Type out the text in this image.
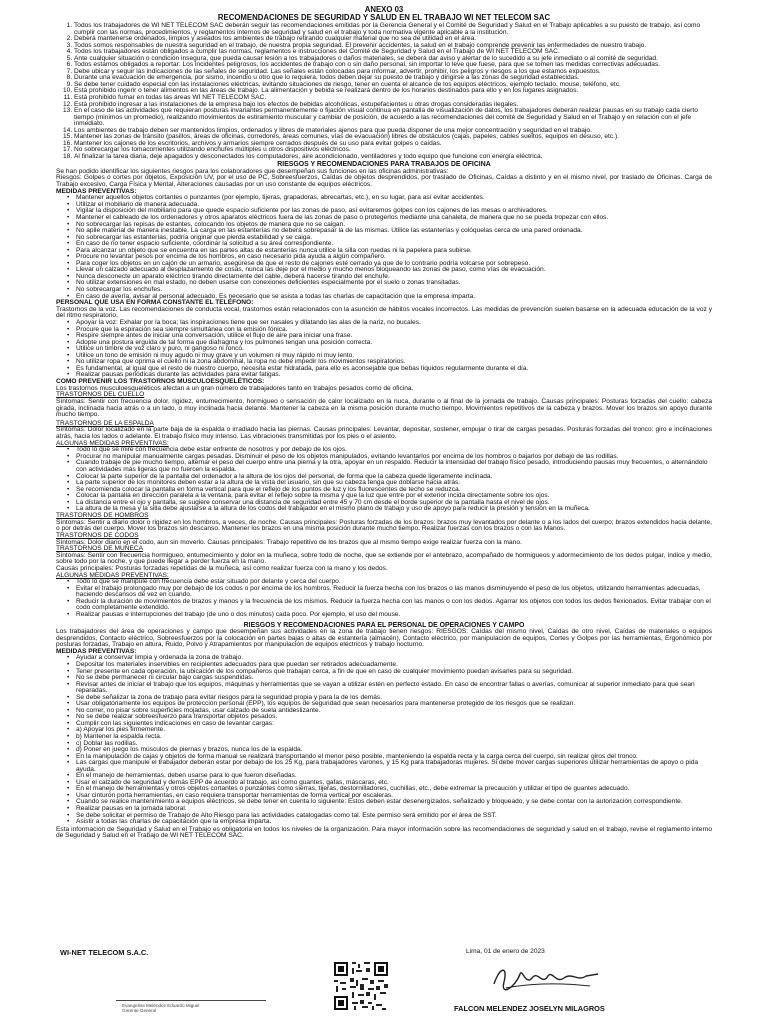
ANEXO 03
RECOMENDACIONES DE SEGURIDAD Y SALUD EN EL TRABAJO WI NET TELECOM SAC
1. Todos los trabajadores de WI NET TELECOM SAC deberán seguir las recomendaciones emitidas por la Gerencia General y el Comité de Seguridad y Salud en el Trabajo aplicables a su puesto de trabajo, así como cumplir con las normas, procedimientos, y reglamentos internos de seguridad y salud en el trabajo y toda normativa vigente aplicable a la institución.
2. Deberá mantenerse ordenados, limpios y aseados los ambientes de trabajo retirando cualquier material que no sea de utilidad en el área.
3. Todos somos responsables de nuestra seguridad en el trabajo, de nuestra propia seguridad. El prevenir accidentes, la salud en el trabajo comprende prevenir las enfermedades de nuestro trabajo.
4. Todos los trabajadores están obligados a cumplir las normas, reglamentos e instrucciones del Comité de Seguridad y Salud en el Trabajo de WI NET TELECOM SAC.
5. Ante cualquier situación o condición insegura, que pueda causar lesión a los trabajadores o daños materiales, se deberá dar aviso y alertar de lo sucedido a su jefe inmediato o al comité de seguridad.
6. Todos estamos obligados a reportar: Los incidentes peligrosos, los accidentes de trabajo con o sin daño personal, sin importar lo leve que fuese, para que se tomen las medidas correctivas adecuadas.
7. Debe ubicar y seguir las indicaciones de las señales de seguridad. Las señales están colocadas para informar, advertir, prohibir, los peligros y riesgos a los que estamos expuestos.
8. Durante una evacuación de emergencia, por sismo, incendio u otro que lo requiera, todos deben dejar su puesto de trabajo y dirigirse a las zonas de seguridad establecidas.
9. Se debe tener cuidado especial con las instalaciones eléctricas, evitando situaciones de riesgo, tener en cuenta el alcance de los equipos eléctricos, ejemplo teclado, mouse, teléfono, etc.
10. Está prohibido ingerir o tener alimentos en las áreas de trabajo. La alimentación y bebida se realizará dentro de los horarios destinados para ello y en los lugares asignados.
11. Está prohibido fumar en todas las áreas WI NET TELECOM SAC.
12. Está prohibido ingresar a las instalaciones de la empresa bajo los efectos de bebidas alcohólicas, estupefacientes u otras drogas consideradas ilegales.
13. En el caso de las actividades que requieran posturas invariantes permanentemente o fijación visual continua en pantalla de visualización de datos, los trabajadores deberán realizar pausas en su trabajo cada cierto tiempo (minimos un promedio), realizando movimientos de estiramiento muscular y cambiar de posición, de acuerdo a las recomendaciones del comité de Seguridad y Salud en el Trabajo y en relación con el jefe inmediato.
14. Los ambientes de trabajo deben ser mantenidos limpios, ordenados y libres de materiales ajenos para que pueda disponer de una mejor concentración y seguridad en el trabajo.
15. Mantener las zonas de tránsito (pasillos, áreas de oficinas, corredores, áreas comunes, vías de evacuación) libres de obstáculos (cajas, papeles, cables sueltos, equipos en desuso, etc.).
16. Mantener los cajones de los escritorios, archivos y armarios siempre cerrados después de su uso para evitar golpes o caídas.
17. No sobrecargar los tomacorrientes utilizando enchufes múltiples u otros dispositivos eléctricos.
18. Al finalizar la tarea diaria, deje apagados y desconectados los computadores, aire acondicionado, ventiladores y todo equipo que funcione con energía eléctrica.
RIESGOS Y RECOMENDACIONES PARA TRABAJOS DE OFICINA

Se han podido identificar los siguientes riesgos para los colaboradores que desempeñan sus funciones en las oficinas administrativas:

Riesgos: Golpes o cortes por objetos, Exposición UV, por el uso de PC, Sobreesfuerzos, Caídas de objetos desprendidos, por traslado de Oficinas, Caídas a distinto y en el mismo nivel, por traslado de Oficinas. Carga de Trabajo excesivo, Carga Física y Mental, Alteraciones causadas por un uso constante de equipos eléctricos.

MEDIDAS PREVENTIVAS:
• Mantener aquellos objetos cortantes o punzantes (por ejemplo, tijeras, grapadoras, abrecartas, etc.), en su lugar, para así evitar accidentes.
• Utilizar el mobiliario de manera adecuada.
• Vigilar la disposición del mobiliario para que quede espacio suficiente por las zonas de paso, así evitaremos golpes con los cajones de las mesas o archivadores.
• Mantener el cableado de los ordenadores y otros aparatos eléctricos fuera de las zonas de paso o protegerlos mediante una canaleta, de manera que no se pueda tropezar con ellos.
• No sobrecargar las repisas de estantes, colocando los objetos de manera que no se caigan.
• No apile material de manera inestable. La carga en las estanterías no deberá sobrepasar la de las mismas. Utilice las estanterías y colóquelas cerca de una pared ordenada.
• No sobrecargar las estanterías, podría originar que pierda estabilidad y se caiga.
• En caso de no tener espacio suficiente, coordinar la solicitud a su área correspondiente.
• Para alcanzar un objeto que se encuentra en las partes altas de estanterías nunca utilice la silla con ruedas ni la papelera para subirse.
• Procure no levantar pesos por encima de los hombros, en caso necesario pida ayuda a algún compañero.
• Para coger los objetos en un cajón de un armario, asegúrese de que el resto de cajones esté cerrado ya que de lo contrario podría volcarse por sobrepeso.
• Llevar un calzado adecuado al desplazamiento de cosas, nunca las deje por el medio y mucho menos bloqueando las zonas de paso, como vías de evacuación.
• Nunca desconecte un aparato eléctrico tirando directamente del cable, deberá hacerse tirando del enchufe.
• No utilizar extensiones en mal estado, no deben usarse con conexiones deficientes especialmente por el suelo o zonas transitadas.
• No sobrecargar los enchufes.
• En caso de avería, avisar al personal adecuado. Es necesario que se asista a todas las charlas de capacitación que la empresa imparta.
PERSONAL QUE USA EN FORMA CONSTANTE EL TELÉFONO:

Trastornos de la voz. Las recomendaciones de conducta vocal, trastornos están relacionados con la asunción de hábitos vocales incorrectos. Las medidas de prevención suelen basarse en la adecuada educación de la voz y del ritmo respiratorio.

• Apoyar la voz: Exhalar por la boca; las inspiraciones tiene que ser nasales y dilatando las alas de la nariz, no bucales.
• Procure que la espiración sea siempre simultánea con la emisión fónica.
• Respire siempre antes de iniciar una conversación, utilice el flujo de aire para iniciar una frase.
• Adopte una postura erguida de tal forma que diafragma y los pulmones tengan una posición correcta.
• Utilice un timbre de voz claro y puro, ni gangoso ni ronco.
• Utilice un tono de emisión ni muy agudo ni muy grave y un volumen ni muy rápido ni muy lento.
• No utilizar ropa que oprima el cuello ni la zona abdominal, la ropa no debe impedir los movimientos respiratorios.
• Es fundamental, al igual que el resto de nuestro cuerpo, necesita estar hidratada, para ello es aconsejable que bebas líquidos regularmente durante el día.
• Realizar pausas periódicas durante las actividades para evitar fatigas.
COMO PREVENIR LOS TRASTORNOS MUSCULOESQUELÉTICOS:

Los trastornos musculoesqueléticos afectan a un gran número de trabajadores tanto en trabajos pesados como de oficina.

TRASTORNOS DEL CUELLO

Síntomas: Sentir con frecuencia dolor, rigidez, entumecimiento, hormigueo o sensación de calor localizado en la nuca, durante o al final de la jornada de trabajo. Causas principales: Posturas forzadas del cuello: cabeza girada, inclinada hacia atrás o a un lado, o muy inclinada hacia delante. Mantener la cabeza en la misma posición durante mucho tiempo. Movimientos repetitivos de la cabeza y brazos. Mover los brazos sin apoyo durante mucho tiempo.

TRASTORNOS DE LA ESPALDA

Síntomas: Dolor localizado en la parte baja de la espalda o irradiado hacia las piernas. Causas principales: Levantar, depositar, sostener, empujar o tirar de cargas pesadas. Posturas forzadas del tronco: giro e inclinaciones atrás, hacia los lados o adelante. El trabajo físico muy intenso. Las vibraciones transmitidas por los pies o el asiento.

ALGUNAS MEDIDAS PREVENTIVAS:
• Todo lo que se mire con frecuencia debe estar enfrente de nosotros y por debajo de los ojos.
• Procurar no manipular manualmente cargas pesadas. Disminuir el peso de los objetos manipulados, evitando levantarlos por encima de los hombros o bajarlos por debajo de las rodillas.
• Cuando trabaje de pie mucho tiempo, alternar el peso del cuerpo entre una pierna y la otra, apoyar en un respaldo. Reducir la intensidad del trabajo físico pesado, introduciendo pausas muy frecuentes, o alternándolo con actividades más ligeras que no fuercen la espalda.
• Colocar la parte superior de la pantalla del ordenador a la altura de los ojos del personal, de forma que la cabeza quede ligeramente inclinada.
• La parte superior de los monitores deben estar a la altura de la vista del usuario, sin que su cabeza tenga que doblarse hacia atrás.
• Se recomienda colocar la pantalla en forma vertical para que el reflejo de los puntos de luz y los fluorescentes de techo se reduzca.
• Colocar la pantalla en dirección paralela a la ventana, para evitar el reflejo sobre la misma y que la luz que entre por el exterior incida directamente sobre los ojos.
• La distancia entre el ojo y pantalla, se sugiere conservar una distancia de seguridad entre 45 y 70 cm desde el borde superior de la pantalla hasta el nivel de ojos.
• La altura de la mesa y la silla debe ajustarse a la altura de los codos del trabajador en el mismo plano de trabajo y uso de apoyo para reducir la presión y tensión en la muñeca.
TRASTORNOS DE HOMBROS

Síntomas: Sentir a diario dolor o rigidez en los hombros, a veces, de noche. Causas principales: Posturas forzadas de los brazos: brazos muy levantados por delante o a los lados del cuerpo; brazos extendidos hacia delante, o por detrás del cuerpo. Mover los brazos sin descanso. Mantener los brazos en una misma posición durante mucho tiempo. Realizar fuerzas con los brazos o con las Manos.

TRASTORNOS DE CODOS

Síntomas: Dolor diario en el codo, aun sin moverlo. Causas principales: Trabajo repetitivo de los brazos que al mismo tiempo exige realizar fuerza con la mano.

TRASTORNOS DE MUÑECA

Síntomas: Sentir con frecuencia hormigueo, entumecimiento y dolor en la muñeca, sobre todo de noche, que se extiende por el antebrazo, acompañado de hormigueos y adormecimiento de los dedos pulgar, índice y medio, sobre todo por la noche, y que puede llegar a perder fuerza en la mano.

Causas principales: Posturas forzadas repetidas de la muñeca, así como realizar fuerza con la mano y los dedos.

ALGUNAS MEDIDAS PREVENTIVAS:
• Todo lo que se manipule con frecuencia debe estar situado por delante y cerca del cuerpo.
• Evitar el trabajo prolongado muy por debajo de los codos o por encima de los hombros. Reducir la fuerza hecha con los brazos o las manos disminuyendo el peso de los objetos, utilizando herramientas adecuadas, haciendo descansos de vez en cuando.
• Reducir la duración de movimientos de brazos y manos y la frecuencia de los mismos. Reducir la fuerza hecha con las manos o con los dedos. Agarrar los objetos con todos los dedos flexionados. Evitar trabajar con el codo completamente extendido.
• Realizar pausas e interrupciones del trabajo (de uno o dos minutos) cada poco. Por ejemplo, el uso del mouse.
RIESGOS Y RECOMENDACIONES PARA EL PERSONAL DE OPERACIONES Y CAMPO

Los trabajadores del área de operaciones y campo que desempeñan sus actividades en la zona de trabajo tienen riesgos: RIESGOS: Caídas del mismo nivel, Caídas de otro nivel, Caídas de materiales o equipos desprendidos, Contacto eléctrico, Sobreesfuerzos por la colocación en partes bajas o altas de estantería (almacén), Contacto eléctrico, por manipulación de equipos, Cortes y Golpes por las herramientas, Ergonómico por posturas forzadas, Trabajo en altura, Ruido, Polvo y Atrapamientos por manipulación de equipos eléctricos y trabajo nocturno.

MEDIDAS PREVENTIVAS:
• Ayudar a conservar limpia y ordenada la zona de trabajo.
• Depositar los materiales inservibles en recipientes adecuados para que puedan ser retirados adecuadamente.
• Tener presente en cada operación, la ubicación de los compañeros que trabajan cerca, a fin de que en caso de cualquier movimiento puedan avisarles para su seguridad.
• No se debe permanecer ni circular bajo cargas suspendidas.
• Revisar antes de iniciar el trabajo que los equipos, máquinas y herramientas que se vayan a utilizar estén en perfecto estado. En caso de encontrar fallas o averías, comunicar al superior inmediato para que sean reparadas.
• Se debe señalizar la zona de trabajo para evitar riesgos para la seguridad propia y para la de los demás.
• Usar obligatoriamente los equipos de protección personal (EPP), los equipos de seguridad que sean necesarios para mantenerse protegido de los riesgos que se realizan.
• No correr, no pisar sobre superficies mojadas, usar calzado de suela antideslizante.
• No se debe realizar sobreesfuerzo para transportar objetos pesados.
• Cumplir con las siguientes indicaciones en caso de levantar cargas:
• a) Apoyar los pies firmemente.
• b) Mantener la espalda recta.
• c) Doblar las rodillas.
• d) Poner en juego los músculos de piernas y brazos, nunca los de la espalda.
• En la manipulación de cajas y objetos de forma manual se realizará transportando el menor peso posible, manteniendo la espalda recta y la carga cerca del cuerpo, sin realizar giros del tronco.
• Las cargas que manipule el trabajador deberán estar por debajo de los 25 Kg, para trabajadores varones, y 15 Kg para trabajadoras mujeres. Si debe mover cargas superiores utilizar herramientas de apoyo o pida ayuda.
• En el manejo de herramientas, deben usarse para lo que fueron diseñadas.
• Usar el calzado de seguridad y demás EPP de acuerdo al trabajo, así como guantes, gafas, máscaras, etc.
• En el manejo de herramientas y otros objetos cortantes o punzantes como sierras, tijeras, destornilladores, cuchillas, etc., debe extremar la precaución y utilizar el tipo de guantes adecuado.
• Usar cinturón porta herramientas, en caso requiera transportar herramientas de forma vertical por escaleras.
• Cuando se realice mantenimiento a equipos eléctricos, se debe tener en cuenta lo siguiente: Estos deben estar desenergizados, señalizado y bloqueado, y se debe contar con la autorización correspondiente.
• Realizar pausas en la jornada laboral.
• Se debe solicitar el permiso de Trabajo de Alto Riesgo para las actividades catalogadas como tal. Este permiso será emitido por el área de SST.
• Asistir a todas las charlas de capacitación que la empresa imparta.

Esta información de Seguridad y Salud en el Trabajo es obligatoria en todos los niveles de la organización. Para mayor información sobre las recomendaciones de seguridad y salud en el trabajo, revise el reglamento interno de Seguridad y Salud en el Trabajo de WI NET TELECOM SAC.

WI-NET TELECOM S.A.C.
Evangelina Meléndez Eduardo Miguel
Gerente General
Lima, 01 de enero de 2023
FALCON MELENDEZ JOSELYN MILAGROS
